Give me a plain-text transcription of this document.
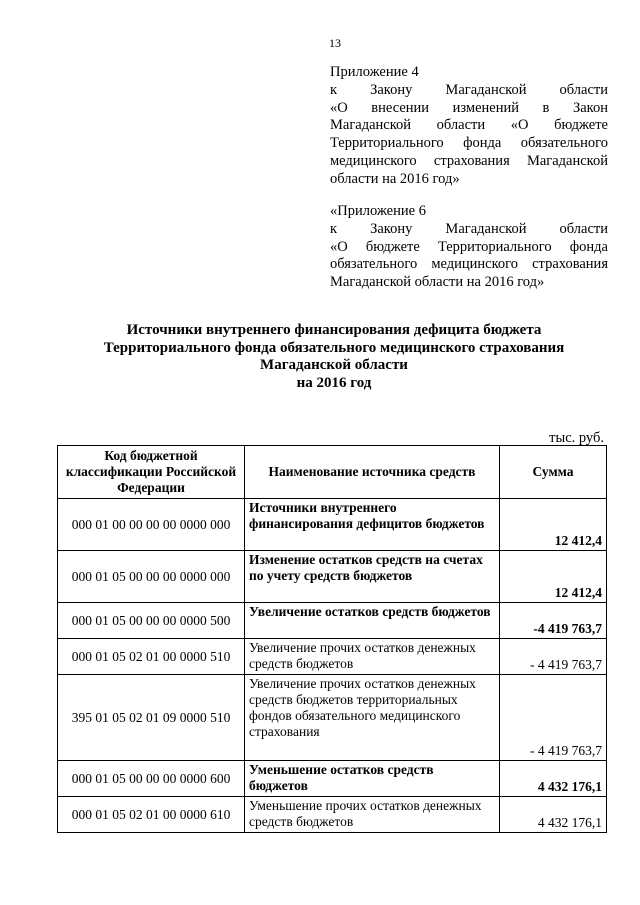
13
Приложение 4
к Закону Магаданской области
«О внесении изменений в Закон
Магаданской области «О бюджете
Территориального фонда обязательного
медицинского страхования Магаданской
области на 2016 год»
«Приложение 6
к Закону Магаданской области
«О бюджете Территориального фонда
обязательного медицинского страхования
Магаданской области на 2016 год»
Источники внутреннего финансирования дефицита бюджета
Территориального фонда обязательного медицинского страхования
Магаданской области
на 2016 год
тыс. руб.
Код бюджетной классификации Российской Федерации	Наименование источника средств	Сумма
000 01 00 00 00 00 0000 000	Источники внутреннего финансирования дефицитов бюджетов	12 412,4
000 01 05 00 00 00 0000 000	Изменение остатков средств на счетах по учету средств бюджетов	12 412,4
000 01 05 00 00 00 0000 500	Увеличение остатков средств бюджетов	-4 419 763,7
000 01 05 02 01 00 0000 510	Увеличение прочих остатков денежных средств бюджетов	- 4 419 763,7
395 01 05 02 01 09 0000 510	Увеличение прочих остатков денежных средств бюджетов территориальных фондов обязательного медицинского страхования	- 4 419 763,7
000 01 05 00 00 00 0000 600	Уменьшение остатков средств бюджетов	4 432 176,1
000 01 05 02 01 00 0000 610	Уменьшение прочих остатков денежных средств бюджетов	4 432 176,1
